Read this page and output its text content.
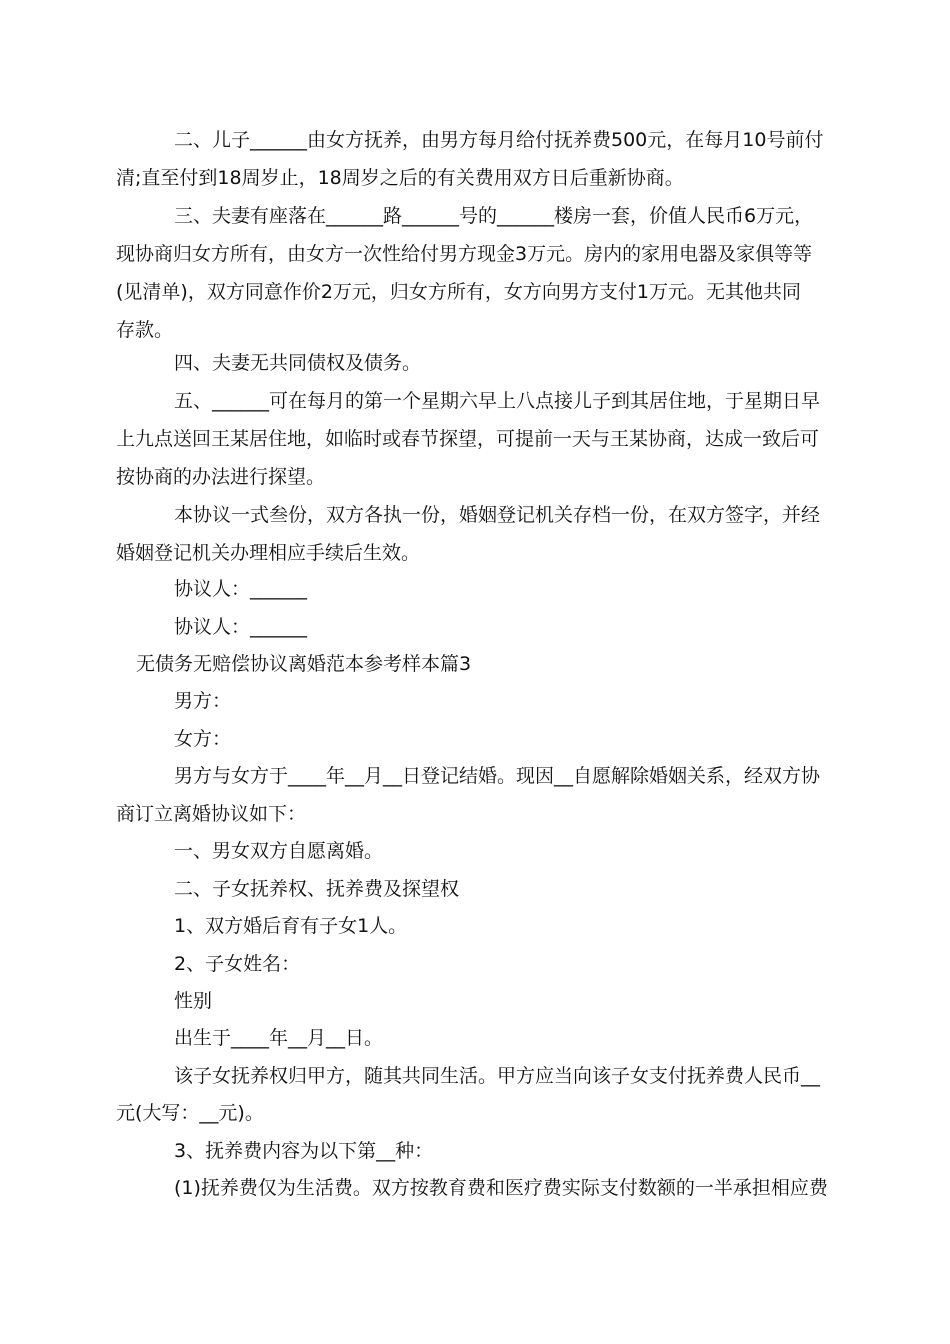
二、儿子______由女方抚养，由男方每月给付抚养费500元，在每月10号前付

清;直至付到18周岁止，18周岁之后的有关费用双方日后重新协商。

三、夫妻有座落在______路______号的______楼房一套，价值人民币6万元，

现协商归女方所有，由女方一次性给付男方现金3万元。房内的家用电器及家俱等等

(见清单)，双方同意作价2万元，归女方所有，女方向男方支付1万元。无其他共同

存款。

四、夫妻无共同债权及债务。

五、______可在每月的第一个星期六早上八点接儿子到其居住地，于星期日早

上九点送回王某居住地，如临时或春节探望，可提前一天与王某协商，达成一致后可

按协商的办法进行探望。

本协议一式叁份，双方各执一份，婚姻登记机关存档一份，在双方签字，并经

婚姻登记机关办理相应手续后生效。

协议人：______

协议人：______

无债务无赔偿协议离婚范本参考样本篇3

男方：

女方：

男方与女方于____年__月__日登记结婚。现因__自愿解除婚姻关系，经双方协

商订立离婚协议如下：

一、男女双方自愿离婚。

二、子女抚养权、抚养费及探望权

1、双方婚后育有子女1人。

2、子女姓名：

性别

出生于____年__月__日。

该子女抚养权归甲方，随其共同生活。甲方应当向该子女支付抚养费人民币__

元(大写：__元)。

3、抚养费内容为以下第__种：

(1)抚养费仅为生活费。双方按教育费和医疗费实际支付数额的一半承担相应费
